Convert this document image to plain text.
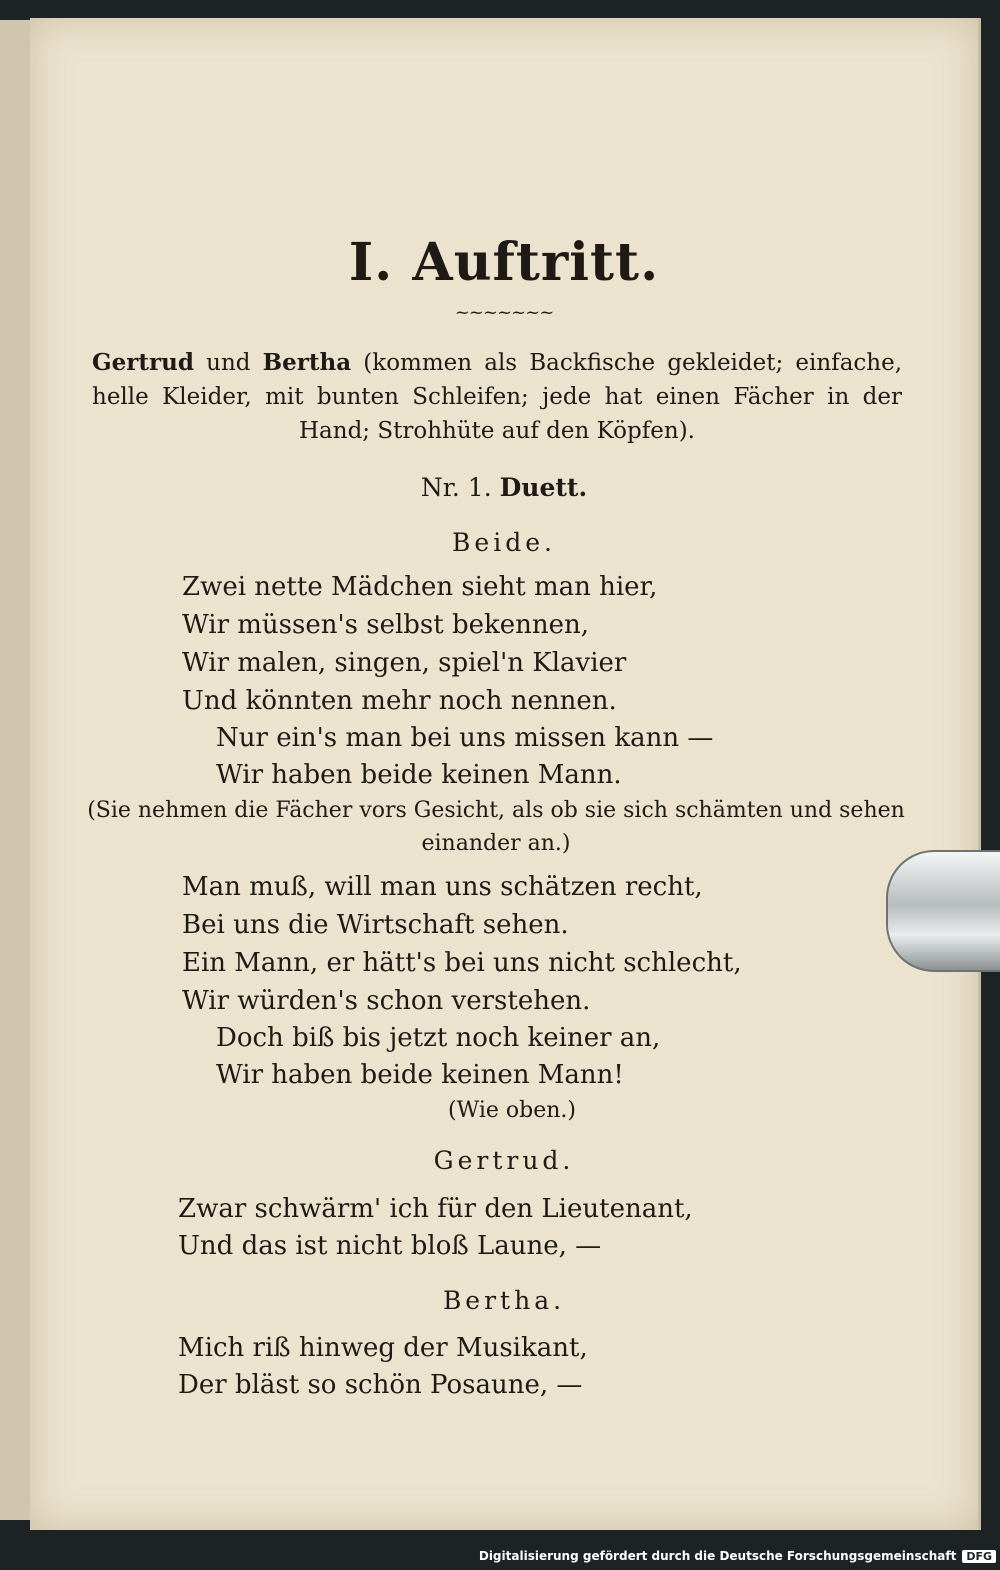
I. Auftritt.
~~~~~~~
Gertrud und Bertha (kommen als Backfische gekleidet; einfache, helle Kleider, mit bunten Schleifen; jede hat einen Fächer in der Hand; Strohhüte auf den Köpfen).
Nr. 1. Duett.
Beide.
Zwei nette Mädchen sieht man hier,
Wir müssen's selbst bekennen,
Wir malen, singen, spiel'n Klavier
Und könnten mehr noch nennen.
Nur ein's man bei uns missen kann —
Wir haben beide keinen Mann.
(Sie nehmen die Fächer vors Gesicht, als ob sie sich schämten und sehen einander an.)
Man muß, will man uns schätzen recht,
Bei uns die Wirtschaft sehen.
Ein Mann, er hätt's bei uns nicht schlecht,
Wir würden's schon verstehen.
Doch biß bis jetzt noch keiner an,
Wir haben beide keinen Mann!
(Wie oben.)
Gertrud.
Zwar schwärm' ich für den Lieutenant,
Und das ist nicht bloß Laune, —
Bertha.
Mich riß hinweg der Musikant,
Der bläst so schön Posaune, —
Digitalisierung gefördert durch die Deutsche Forschungsgemeinschaft DFG
